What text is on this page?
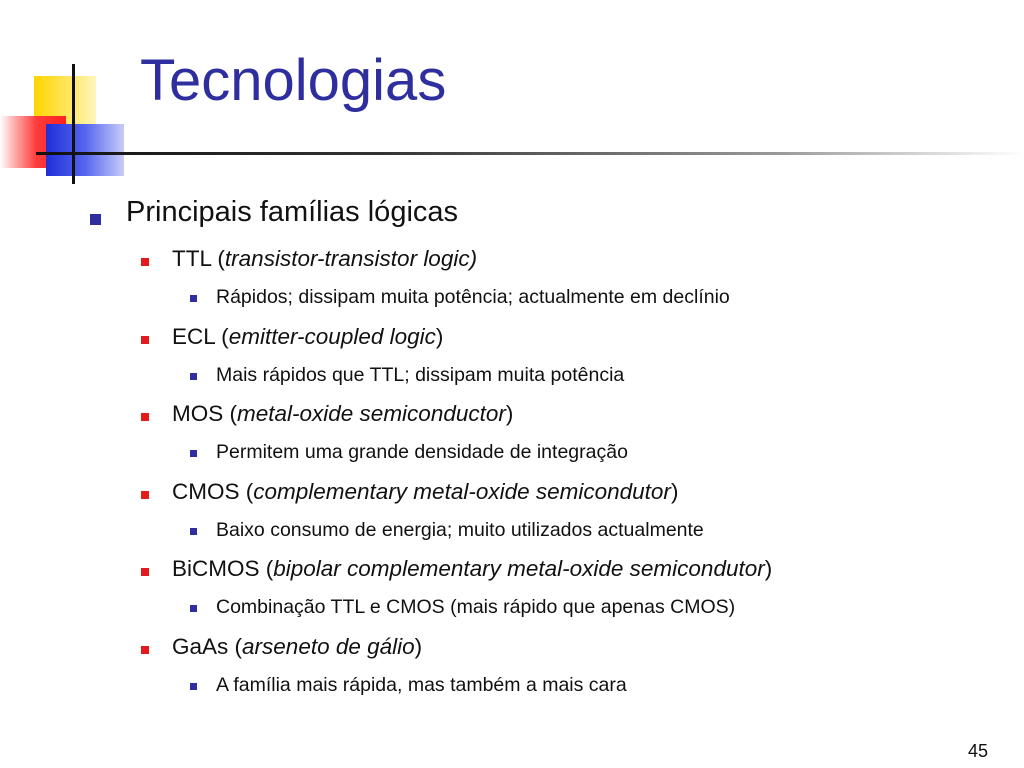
Tecnologias
Principais famílias lógicas
TTL (transistor-transistor logic)
Rápidos; dissipam muita potência; actualmente em declínio
ECL (emitter-coupled logic)
Mais rápidos que TTL; dissipam muita potência
MOS (metal-oxide semiconductor)
Permitem uma grande densidade de integração
CMOS (complementary metal-oxide semicondutor)
Baixo consumo de energia; muito utilizados actualmente
BiCMOS (bipolar complementary metal-oxide semicondutor)
Combinação TTL e CMOS (mais rápido que apenas CMOS)
GaAs (arseneto de gálio)
A família mais rápida, mas também a mais cara
45
